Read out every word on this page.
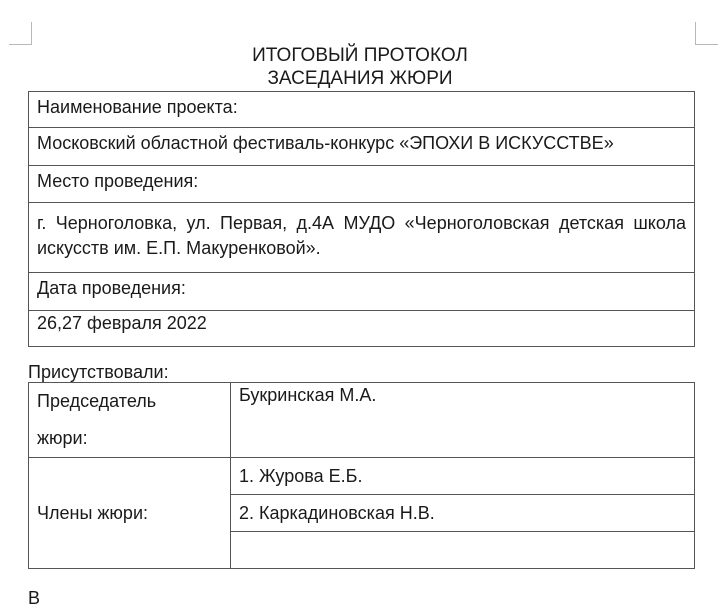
ИТОГОВЫЙ ПРОТОКОЛ
ЗАСЕДАНИЯ ЖЮРИ
Наименование проекта:
Московский областной фестиваль-конкурс «ЭПОХИ В ИСКУССТВЕ»
Место проведения:
г. Черноголовка, ул. Первая, д.4А МУДО «Черноголовская детская школа искусств им. Е.П. Макуренковой».
Дата проведения:
26,27 февраля 2022
Присутствовали:
Председатель
жюри:	Букринская М.А.
Члены жюри:	1. Журова Е.Б.
	2. Каркадиновская Н.В.

В
